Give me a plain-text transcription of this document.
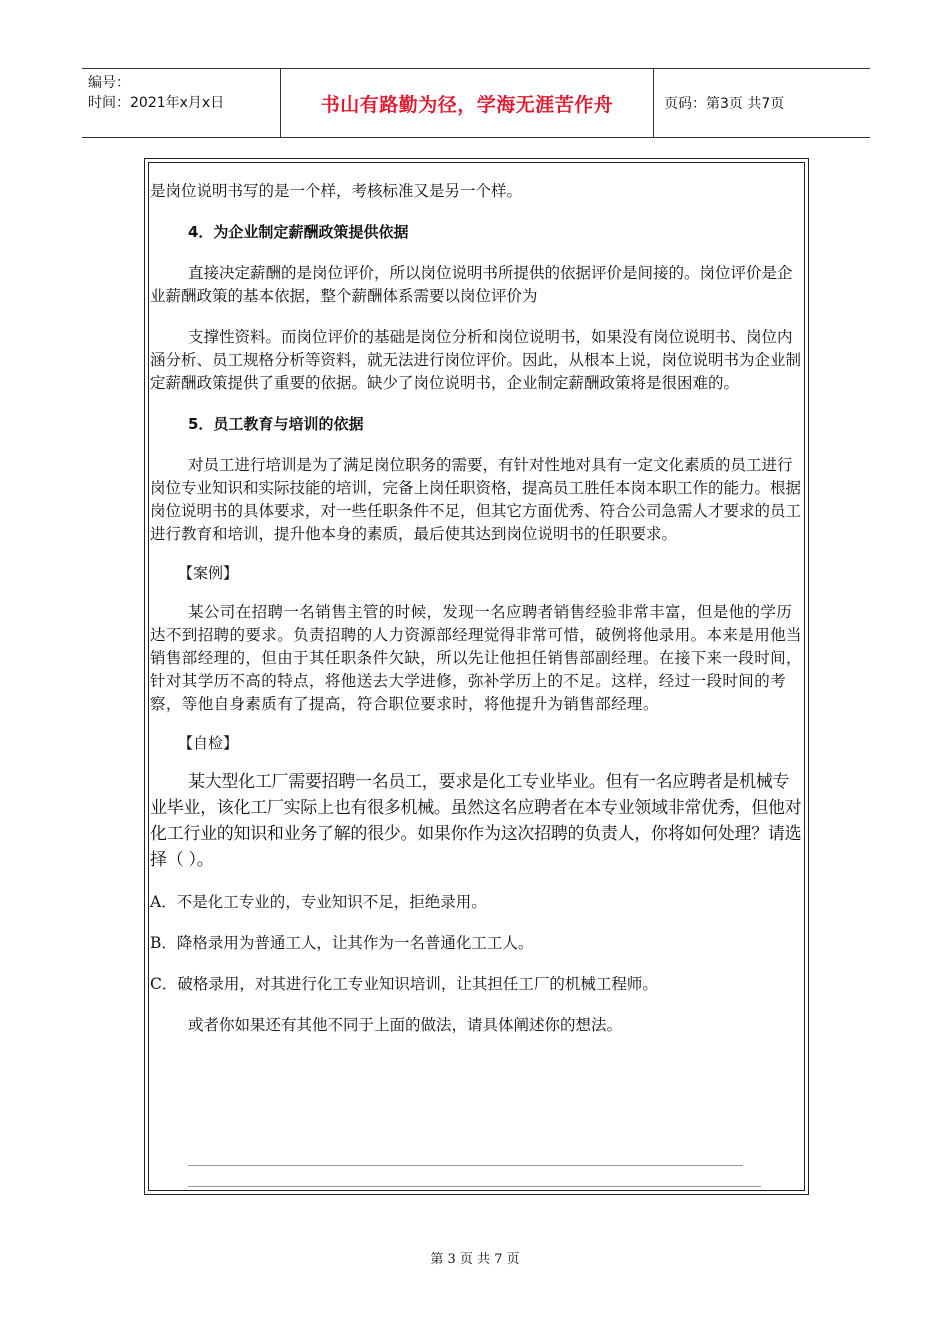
编号：
时间：2021年x月x日	书山有路勤为径，学海无涯苦作舟	页码：第3页 共7页

是岗位说明书写的是一个样，考核标准又是另一个样。

4．为企业制定薪酬政策提供依据

直接决定薪酬的是岗位评价，所以岗位说明书所提供的依据评价是间接的。岗位评价是企业薪酬政策的基本依据，整个薪酬体系需要以岗位评价为

支撑性资料。而岗位评价的基础是岗位分析和岗位说明书，如果没有岗位说明书、岗位内涵分析、员工规格分析等资料，就无法进行岗位评价。因此，从根本上说，岗位说明书为企业制定薪酬政策提供了重要的依据。缺少了岗位说明书，企业制定薪酬政策将是很困难的。

5．员工教育与培训的依据

对员工进行培训是为了满足岗位职务的需要，有针对性地对具有一定文化素质的员工进行岗位专业知识和实际技能的培训，完备上岗任职资格，提高员工胜任本岗本职工作的能力。根据岗位说明书的具体要求，对一些任职条件不足，但其它方面优秀、符合公司急需人才要求的员工进行教育和培训，提升他本身的素质，最后使其达到岗位说明书的任职要求。

【案例】

某公司在招聘一名销售主管的时候，发现一名应聘者销售经验非常丰富，但是他的学历达不到招聘的要求。负责招聘的人力资源部经理觉得非常可惜，破例将他录用。本来是用他当销售部经理的，但由于其任职条件欠缺，所以先让他担任销售部副经理。在接下来一段时间，针对其学历不高的特点，将他送去大学进修，弥补学历上的不足。这样，经过一段时间的考察，等他自身素质有了提高，符合职位要求时，将他提升为销售部经理。

【自检】

某大型化工厂需要招聘一名员工，要求是化工专业毕业。但有一名应聘者是机械专业毕业，该化工厂实际上也有很多机械。虽然这名应聘者在本专业领域非常优秀，但他对化工行业的知识和业务了解的很少。如果你作为这次招聘的负责人，你将如何处理？请选择（ ）。

A．不是化工专业的，专业知识不足，拒绝录用。

B．降格录用为普通工人，让其作为一名普通化工工人。

C．破格录用，对其进行化工专业知识培训，让其担任工厂的机械工程师。

或者你如果还有其他不同于上面的做法，请具体阐述你的想法。

第 3 页 共 7 页
